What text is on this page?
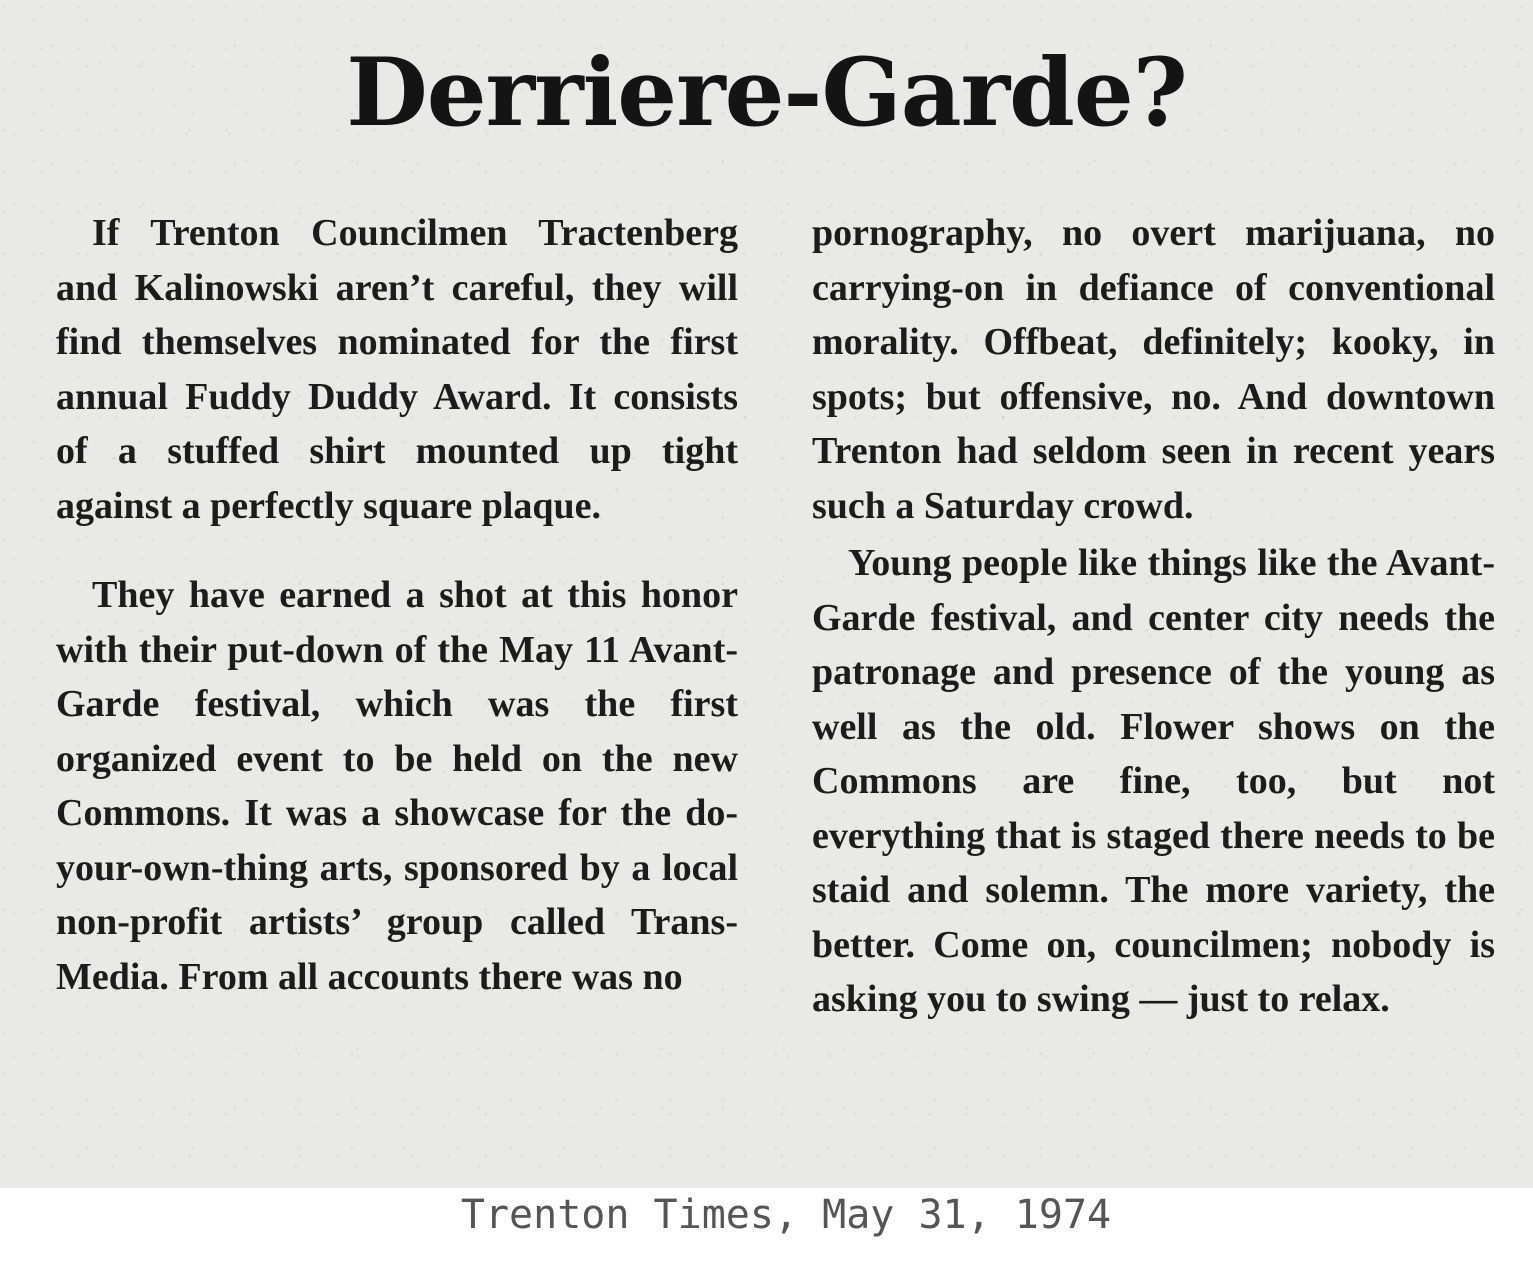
Derriere-Garde?

If Trenton Councilmen Tractenberg and Kalinowski aren’t careful, they will find themselves nominated for the first annual Fuddy Duddy Award. It consists of a stuffed shirt mounted up tight against a perfectly square plaque.

They have earned a shot at this honor with their put-down of the May 11 Avant-Garde festival, which was the first organized event to be held on the new Commons. It was a showcase for the do-your-own-thing arts, sponsored by a local non-profit artists’ group called Trans-Media. From all accounts there was no

pornography, no overt marijuana, no carrying-on in defiance of conventional morality. Offbeat, definitely; kooky, in spots; but offensive, no. And downtown Trenton had seldom seen in recent years such a Saturday crowd.

Young people like things like the Avant-Garde festival, and center city needs the patronage and presence of the young as well as the old. Flower shows on the Commons are fine, too, but not everything that is staged there needs to be staid and solemn. The more variety, the better. Come on, councilmen; nobody is asking you to swing — just to relax.

Trenton Times, May 31, 1974
